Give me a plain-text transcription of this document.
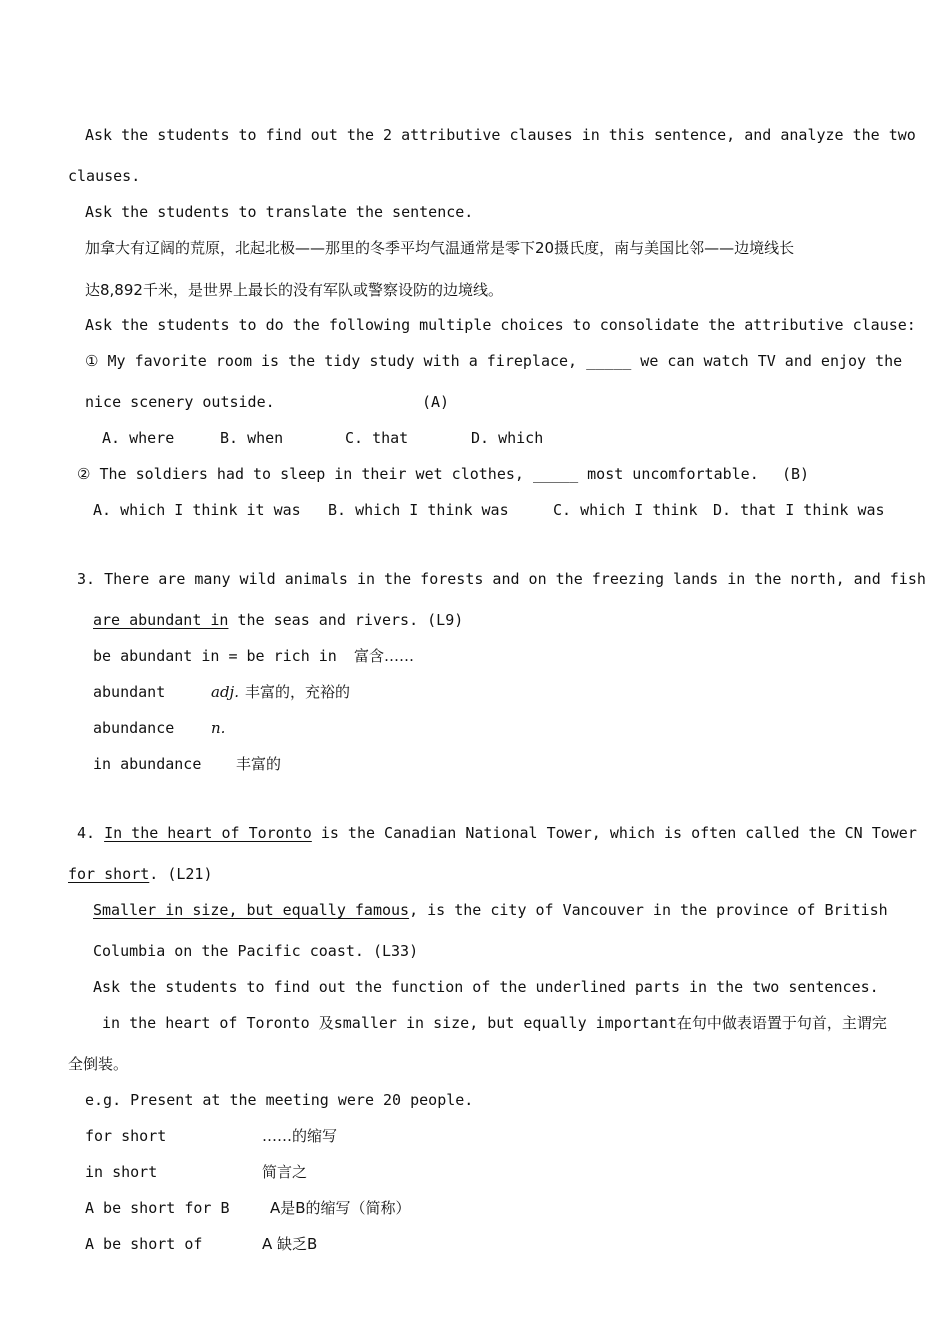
Ask the students to find out the 2 attributive clauses in this sentence, and analyze the two
clauses.
Ask the students to translate the sentence.
加拿大有辽阔的荒原，北起北极——那里的冬季平均气温通常是零下20摄氏度，南与美国比邻——边境线长
达8,892千米，是世界上最长的没有军队或警察设防的边境线。
Ask the students to do the following multiple choices to consolidate the attributive clause:
① My favorite room is the tidy study with a fireplace, _____ we can watch TV and enjoy the
nice scenery outside.	(A)
A. where	B. when	C. that	D. which
② The soldiers had to sleep in their wet clothes, _____ most uncomfortable. (B)
A. which I think it was B. which I think was	C. which I think D. that I think was
3. There are many wild animals in the forests and on the freezing lands in the north, and fish
are abundant in the seas and rivers. (L9)
be abundant in = be rich in 富含……
abundant	adj. 丰富的，充裕的
abundance n.
in abundance 丰富的
4. In the heart of Toronto is the Canadian National Tower, which is often called the CN Tower
for short. (L21)
Smaller in size, but equally famous, is the city of Vancouver in the province of British
Columbia on the Pacific coast. (L33)
Ask the students to find out the function of the underlined parts in the two sentences.
in the heart of Toronto 及smaller in size, but equally important在句中做表语置于句首，主谓完
全倒装。
e.g. Present at the meeting were 20 people.
for short	……的缩写
in short	简言之
A be short for B	A是B的缩写（简称）
A be short of	A 缺乏B
